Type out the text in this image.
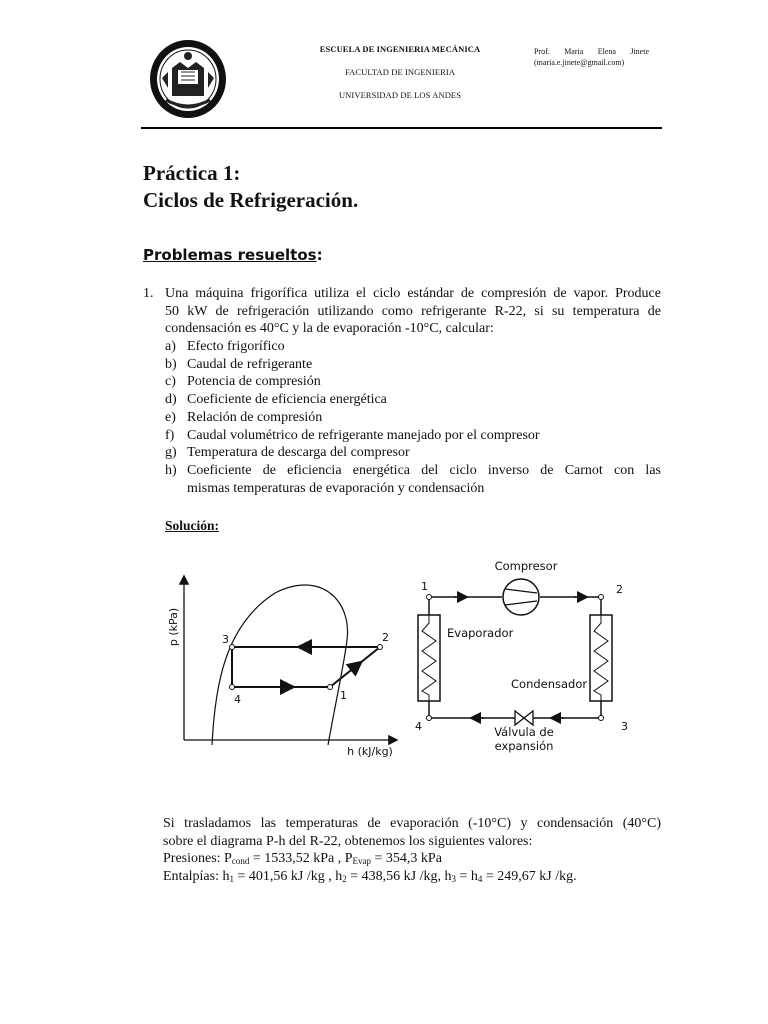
ESCUELA DE INGENIERIA MECÁNICA
FACULTAD DE INGENIERIA
UNIVERSIDAD DE LOS ANDES
Prof. Maria Elena Jinete
(maria.e.jinete@gmail.com)
Práctica 1:
Ciclos de Refrigeración.
Problemas resueltos:
1. Una máquina frigorífica utiliza el ciclo estándar de compresión de vapor. Produce
50 kW de refrigeración utilizando como refrigerante R-22, si su temperatura de
condensación es 40°C y la de evaporación -10°C, calcular:
a) Efecto frigorífico
b) Caudal de refrigerante
c) Potencia de compresión
d) Coeficiente de eficiencia energética
e) Relación de compresión
f) Caudal volumétrico de refrigerante manejado por el compresor
g) Temperatura de descarga del compresor
h) Coeficiente de eficiencia energética del ciclo inverso de Carnot con las
mismas temperaturas de evaporación y condensación
Solución:
p (kPa)
h (kJ/kg)
3	2
4	1
Compresor
Evaporador
Condensador
Válvula de
expansión
1	2
3
4
Si trasladamos las temperaturas de evaporación (-10°C) y condensación (40°C)
sobre el diagrama P-h del R-22, obtenemos los siguientes valores:
Presiones: $P_{cond} = 1533,52$ kPa , $P_{Evap} = 354,3$ kPa
Entalpías: $h_1 = 401,56$ kJ /kg , $h_2 = 438,56$ kJ /kg, $h_3 = h_4 = 249,67$ kJ /kg.
